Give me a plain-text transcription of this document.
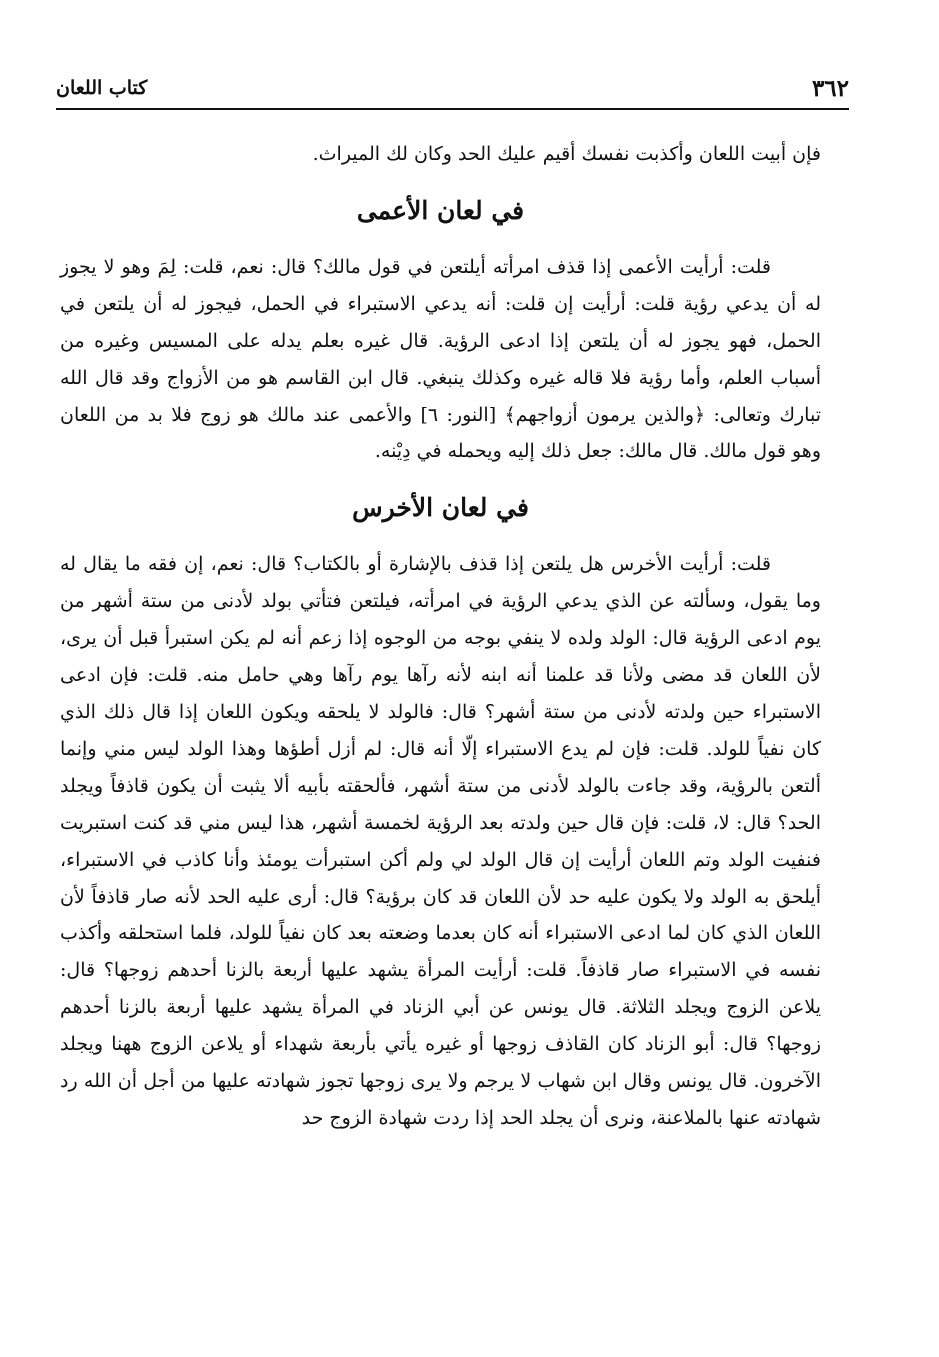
٣٦٢
كتاب اللعان

فإن أبيت اللعان وأكذبت نفسك أقيم عليك الحد وكان لك الميراث.

في لعان الأعمى

قلت: أرأيت الأعمى إذا قذف امرأته أيلتعن في قول مالك؟ قال: نعم، قلت: لِمَ وهو لا يجوز له أن يدعي رؤية قلت: أرأيت إن قلت: أنه يدعي الاستبراء في الحمل، فيجوز له أن يلتعن في الحمل، فهو يجوز له أن يلتعن إذا ادعى الرؤية. قال غيره بعلم يدله على المسيس وغيره من أسباب العلم، وأما رؤية فلا قاله غيره وكذلك ينبغي. قال ابن القاسم هو من الأزواج وقد قال الله تبارك وتعالى: ﴿والذين يرمون أزواجهم﴾ [النور: ٦] والأعمى عند مالك هو زوج فلا بد من اللعان وهو قول مالك. قال مالك: جعل ذلك إليه ويحمله في دِيْنه.

في لعان الأخرس

قلت: أرأيت الأخرس هل يلتعن إذا قذف بالإشارة أو بالكتاب؟ قال: نعم، إن فقه ما يقال له وما يقول، وسألته عن الذي يدعي الرؤية في امرأته، فيلتعن فتأتي بولد لأدنى من ستة أشهر من يوم ادعى الرؤية قال: الولد ولده لا ينفي بوجه من الوجوه إذا زعم أنه لم يكن استبرأ قبل أن يرى، لأن اللعان قد مضى ولأنا قد علمنا أنه ابنه لأنه رآها يوم رآها وهي حامل منه. قلت: فإن ادعى الاستبراء حين ولدته لأدنى من ستة أشهر؟ قال: فالولد لا يلحقه ويكون اللعان إذا قال ذلك الذي كان نفياً للولد. قلت: فإن لم يدع الاستبراء إلّا أنه قال: لم أزل أطؤها وهذا الولد ليس مني وإنما ألتعن بالرؤية، وقد جاءت بالولد لأدنى من ستة أشهر، فألحقته بأبيه ألا يثبت أن يكون قاذفاً ويجلد الحد؟ قال: لا، قلت: فإن قال حين ولدته بعد الرؤية لخمسة أشهر، هذا ليس مني قد كنت استبريت فنفيت الولد وتم اللعان أرأيت إن قال الولد لي ولم أكن استبرأت يومئذ وأنا كاذب في الاستبراء، أيلحق به الولد ولا يكون عليه حد لأن اللعان قد كان برؤية؟ قال: أرى عليه الحد لأنه صار قاذفاً لأن اللعان الذي كان لما ادعى الاستبراء أنه كان بعدما وضعته بعد كان نفياً للولد، فلما استحلقه وأكذب نفسه في الاستبراء صار قاذفاً. قلت: أرأيت المرأة يشهد عليها أربعة بالزنا أحدهم زوجها؟ قال: يلاعن الزوج ويجلد الثلاثة. قال يونس عن أبي الزناد في المرأة يشهد عليها أربعة بالزنا أحدهم زوجها؟ قال: أبو الزناد كان القاذف زوجها أو غيره يأتي بأربعة شهداء أو يلاعن الزوج ههنا ويجلد الآخرون. قال يونس وقال ابن شهاب لا يرجم ولا يرى زوجها تجوز شهادته عليها من أجل أن الله رد شهادته عنها بالملاعنة، ونرى أن يجلد الحد إذا ردت شهادة الزوج حد
